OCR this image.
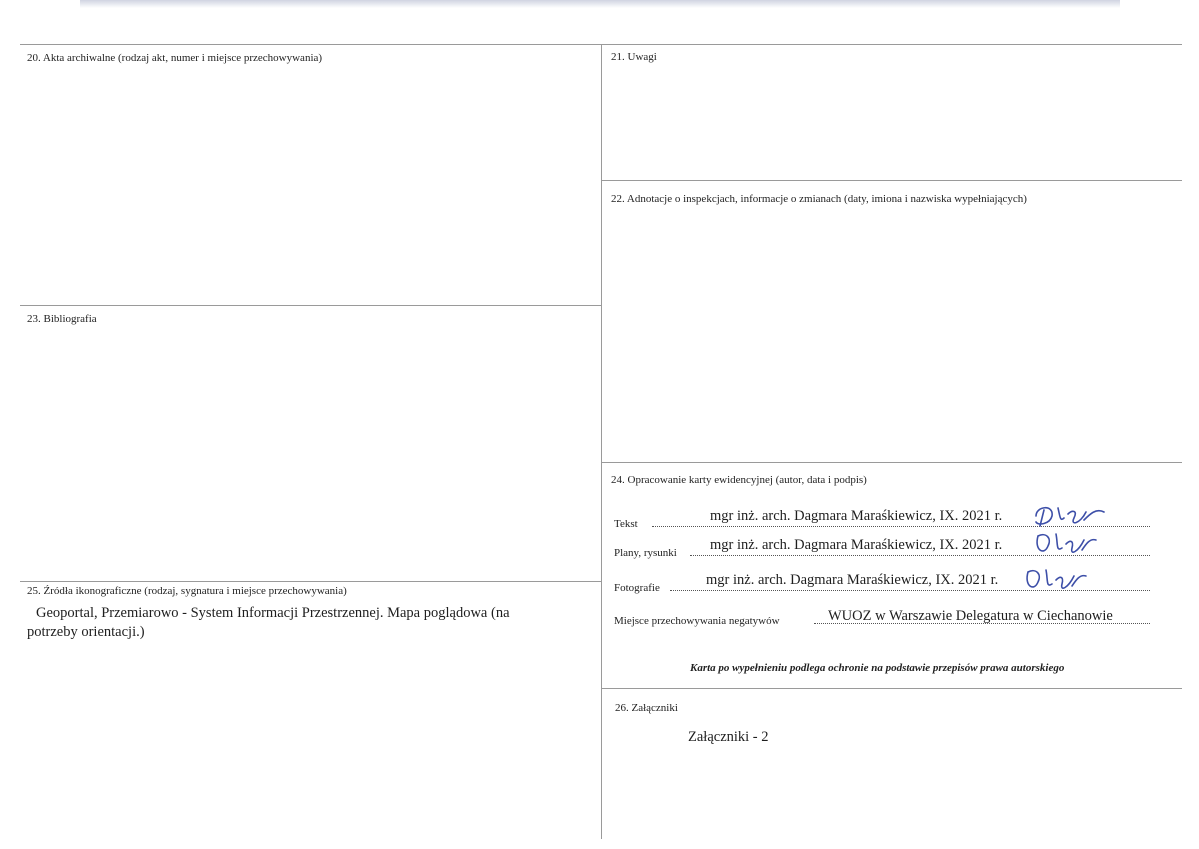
20. Akta archiwalne (rodzaj akt, numer i miejsce przechowywania)	21. Uwagi
22. Adnotacje o inspekcjach, informacje o zmianach (daty, imiona i nazwiska wypełniających)
23. Bibliografia
24. Opracowanie karty ewidencyjnej (autor, data i podpis)
Tekst	mgr inż. arch. Dagmara Maraśkiewicz, IX. 2021 r.
Plany, rysunki mgr inż. arch. Dagmara Maraśkiewicz, IX. 2021 r.
Fotografie	mgr inż. arch. Dagmara Maraśkiewicz, IX. 2021 r.
Miejsce przechowywania negatywów	WUOZ w Warszawie Delegatura w Ciechanowie
Karta po wypełnieniu podlega ochronie na podstawie przepisów prawa autorskiego
25. Źródła ikonograficzne (rodzaj, sygnatura i miejsce przechowywania)
Geoportal, Przemiarowo - System Informacji Przestrzennej. Mapa poglądowa (na
potrzeby orientacji.)
26. Załączniki
Załączniki - 2
